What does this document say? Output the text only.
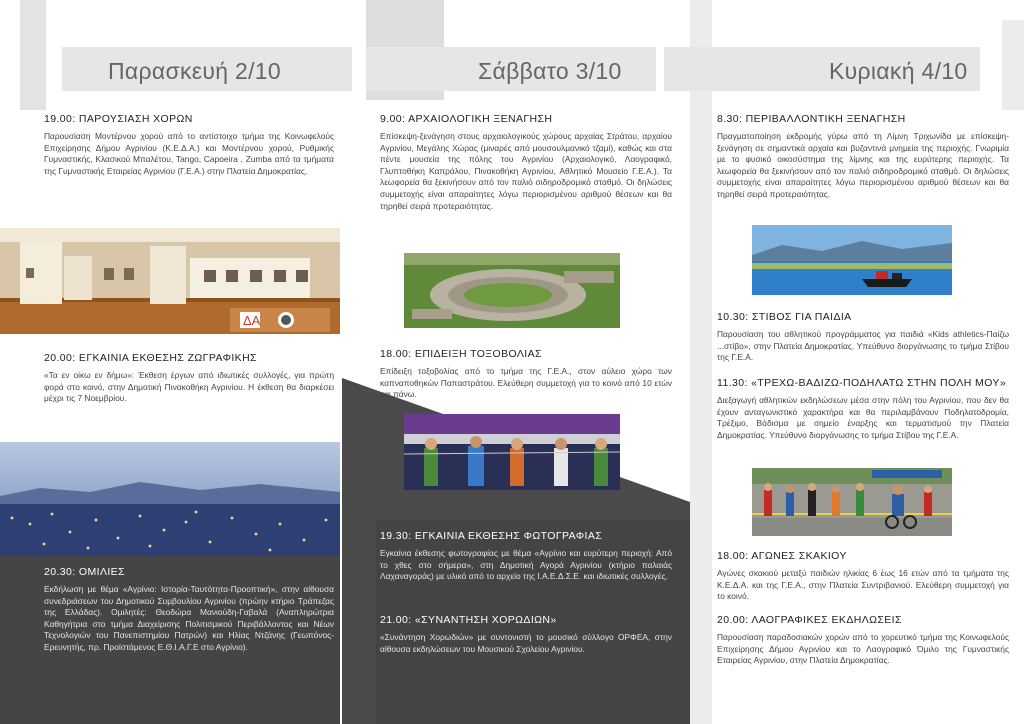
Παρασκευή 2/10	Σάββατο 3/10	Κυριακή 4/10
19.00: ΠΑΡΟΥΣΙΑΣΗ ΧΟΡΩΝ
Παρουσίαση Μοντέρνου χορού από το αντίστοιχο τμήμα της Κοινωφελούς Επιχείρησης Δήμου Αγρινίου (Κ.Ε.Δ.Α.) και Μοντέρνου χορού, Ρυθμικής Γυμναστικής, Κλασικού Μπαλέτου, Tango, Capoeira , Zumba από τα τμήματα της Γυμναστικής Εταιρείας Αγρινίου (Γ.Ε.Α.) στην Πλατεία Δημοκρατίας.
ΔΑ
20.00: ΕΓΚΑΙΝΙΑ ΕΚΘΕΣΗΣ ΖΩΓΡΑΦΙΚΗΣ
«Τα εν οίκω εν δήμω»: Έκθεση έργων από ιδιωτικές συλλογές, για πρώτη φορά στο κοινό, στην Δημοτική Πινακοθήκη Αγρινίου. Η έκθεση θα διαρκέσει μέχρι τις 7 Νοεμβρίου.
20.30: ΟΜΙΛΙΕΣ
Εκδήλωση με θέμα «Αγρίνιο: Ιστορία-Ταυτότητα-Προοπτική», στην αίθουσα συνεδριάσεων του Δημοτικού Συμβουλίου Αγρινίου (πρώην κτήριο Τράπεζας της Ελλάδας). Ομιλητές: Θεοδώρα Μανιούδη-Γαβαλά (Αναπληρώτρια Καθηγήτρια στο τμήμα Διαχείρισης Πολιτισμικού Περιβάλλοντος και Νέων Τεχνολογιών του Πανεπιστημίου Πατρών) και Ηλίας Ντζάνης (Γεωπόνος-Ερευνητής, πρ. Προϊστάμενος Ε.Θ.Ι.Α.Γ.Ε στο Αγρίνιο).
9.00: ΑΡΧΑΙΟΛΟΓΙΚΗ ΞΕΝΑΓΗΣΗ
Επίσκεψη-ξενάγηση στους αρχαιολογικούς χώρους αρχαίας Στράτου, αρχαίου Αγρινίου, Μεγάλης Χώρας (μιναρές από μουσουλμανικό τζαμί), καθώς και στα πέντε μουσεία της πόλης του Αγρινίου (Αρχαιολογικό, Λαογραφικό, Γλυπτοθήκη Καπράλου, Πινακοθήκη Αγρινίου, Αθλητικό Μουσείο Γ.Ε.Α.). Τα λεωφορεία θα ξεκινήσουν από τον παλιό σιδηροδρομικό σταθμό. Οι δηλώσεις συμμετοχής είναι απαραίτητες λόγω περιορισμένου αριθμού θέσεων και θα τηρηθεί σειρά προτεραιότητας.
18.00: ΕΠΙΔΕΙΞΗ ΤΟΞΟΒΟΛΙΑΣ
Επίδειξη τοξοβολίας από το τμήμα της Γ.Ε.Α., στον αύλειο χώρο των καπναποθηκών Παπαστράτου. Ελεύθερη συμμετοχή για το κοινό από 10 ετών και πάνω.
19.30: ΕΓΚΑΙΝΙΑ ΕΚΘΕΣΗΣ ΦΩΤΟΓΡΑΦΙΑΣ
Εγκαίνια έκθεσης φωτογραφίας με θέμα «Αγρίνιο και ευρύτερη περιοχή: Από το χθες στο σήμερα», στη Δημοτική Αγορά Αγρινίου (κτήριο παλαιάς Λαχαναγοράς) με υλικό από το αρχείο της Ι.Α.Ε.Δ.Σ.Ε. και ιδιωτικές συλλογές.
21.00: «ΣΥΝΑΝΤΗΣΗ ΧΟΡΩΔΙΩΝ»
«Συνάντηση Χορωδιών» με συντονιστή το μουσικό σύλλογο ΟΡΦΕΑ, στην αίθουσα εκδηλώσεων του Μουσικού Σχολείου Αγρινίου.
8.30: ΠΕΡΙΒΑΛΛΟΝΤΙΚΗ ΞΕΝΑΓΗΣΗ
Πραγματοποίηση εκδρομής γύρω από τη Λίμνη Τριχωνίδα με επίσκεψη-ξενάγηση σε σημαντικά αρχαία και βυζαντινά μνημεία της περιοχής. Γνωριμία με το φυσικό οικοσύστημα της λίμνης και της ευρύτερης περιοχής. Τα λεωφορεία θα ξεκινήσουν από τον παλιό σιδηροδρομικό σταθμό. Οι δηλώσεις συμμετοχής είναι απαραίτητες λόγω περιορισμένου αριθμού θέσεων και θα τηρηθεί σειρά προτεραιότητας.
10.30: ΣΤΙΒΟΣ ΓΙΑ ΠΑΙΔΙΑ
Παρουσίαση του αθλητικού προγράμματος για παιδιά «Kids athletics-Παίζω ...στίβο», στην Πλατεία Δημοκρατίας. Υπεύθυνο διοργάνωσης το τμήμα Στίβου της Γ.Ε.Α.
11.30: «ΤΡΕΧΩ-ΒΑΔΙΖΩ-ΠΟΔΗΛΑΤΩ ΣΤΗΝ ΠΟΛΗ ΜΟΥ»
Διεξαγωγή αθλητικών εκδηλώσεων μέσα στην πόλη του Αγρινίου, που δεν θα έχουν ανταγωνιστικό χαρακτήρα και θα περιλαμβάνουν Ποδηλατοδρομία, Τρέξιμο, Βάδισμα με σημείο έναρξης και τερματισμού την Πλατεία Δημοκρατίας. Υπεύθυνο διοργάνωσης το τμήμα Στίβου της Γ.Ε.Α.
18.00: ΑΓΩΝΕΣ ΣΚΑΚΙΟΥ
Αγώνες σκακιού μεταξύ παιδιών ηλικίας 6 έως 16 ετών από τα τμήματα της Κ.Ε.Δ.Α. και της Γ.Ε.Α., στην Πλατεία Συντριβανιού. Ελεύθερη συμμετοχή για το κοινό.
20.00: ΛΑΟΓΡΑΦΙΚΕΣ ΕΚΔΗΛΩΣΕΙΣ
Παρουσίαση παραδοσιακών χορών από το χορευτικό τμήμα της Κοινωφελούς Επιχείρησης Δήμου Αγρινίου και το Λαογραφικό Όμιλο της Γυμναστικής Εταιρείας Αγρινίου, στην Πλατεία Δημοκρατίας.
